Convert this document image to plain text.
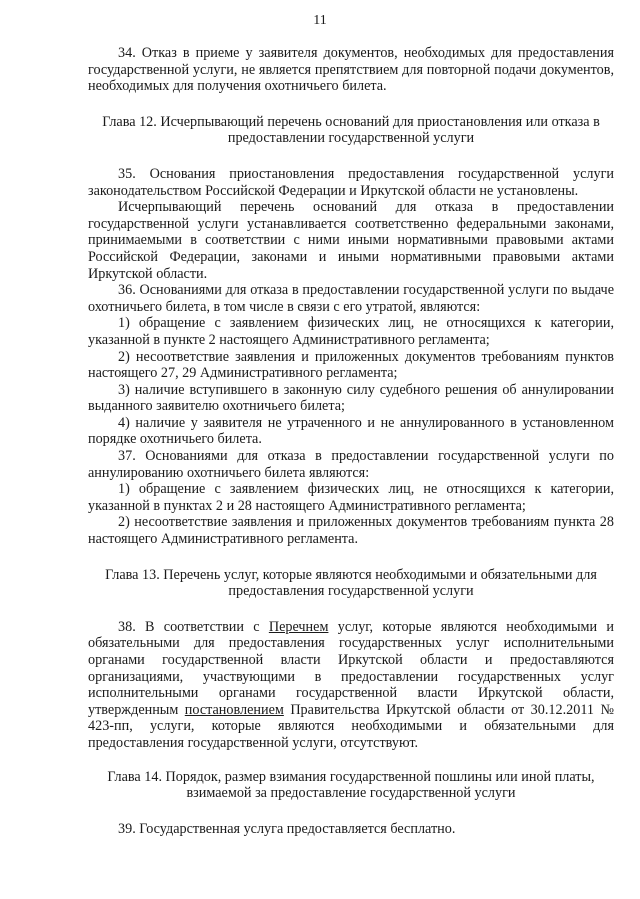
11

34. Отказ в приеме у заявителя документов, необходимых для предоставления государственной услуги, не является препятствием для повторной подачи документов, необходимых для получения охотничьего билета.

Глава 12. Исчерпывающий перечень оснований для приостановления или отказа в предоставлении государственной услуги

35. Основания приостановления предоставления государственной услуги законодательством Российской Федерации и Иркутской области не установлены.

Исчерпывающий перечень оснований для отказа в предоставлении государственной услуги устанавливается соответственно федеральными законами, принимаемыми в соответствии с ними иными нормативными правовыми актами Российской Федерации, законами и иными нормативными правовыми актами Иркутской области.

36. Основаниями для отказа в предоставлении государственной услуги по выдаче охотничьего билета, в том числе в связи с его утратой, являются:

1) обращение с заявлением физических лиц, не относящихся к категории, указанной в пункте 2 настоящего Административного регламента;

2) несоответствие заявления и приложенных документов требованиям пунктов настоящего 27, 29 Административного регламента;

3) наличие вступившего в законную силу судебного решения об аннулировании выданного заявителю охотничьего билета;

4) наличие у заявителя не утраченного и не аннулированного в установленном порядке охотничьего билета.

37. Основаниями для отказа в предоставлении государственной услуги по аннулированию охотничьего билета являются:

1) обращение с заявлением физических лиц, не относящихся к категории, указанной в пунктах 2 и 28 настоящего Административного регламента;

2) несоответствие заявления и приложенных документов требованиям пункта 28 настоящего Административного регламента.

Глава 13. Перечень услуг, которые являются необходимыми и обязательными для предоставления государственной услуги

38. В соответствии с Перечнем услуг, которые являются необходимыми и обязательными для предоставления государственных услуг исполнительными органами государственной власти Иркутской области и предоставляются организациями, участвующими в предоставлении государственных услуг исполнительными органами государственной власти Иркутской области, утвержденным постановлением Правительства Иркутской области от 30.12.2011 № 423-пп, услуги, которые являются необходимыми и обязательными для предоставления государственной услуги, отсутствуют.

Глава 14. Порядок, размер взимания государственной пошлины или иной платы, взимаемой за предоставление государственной услуги

39. Государственная услуга предоставляется бесплатно.
